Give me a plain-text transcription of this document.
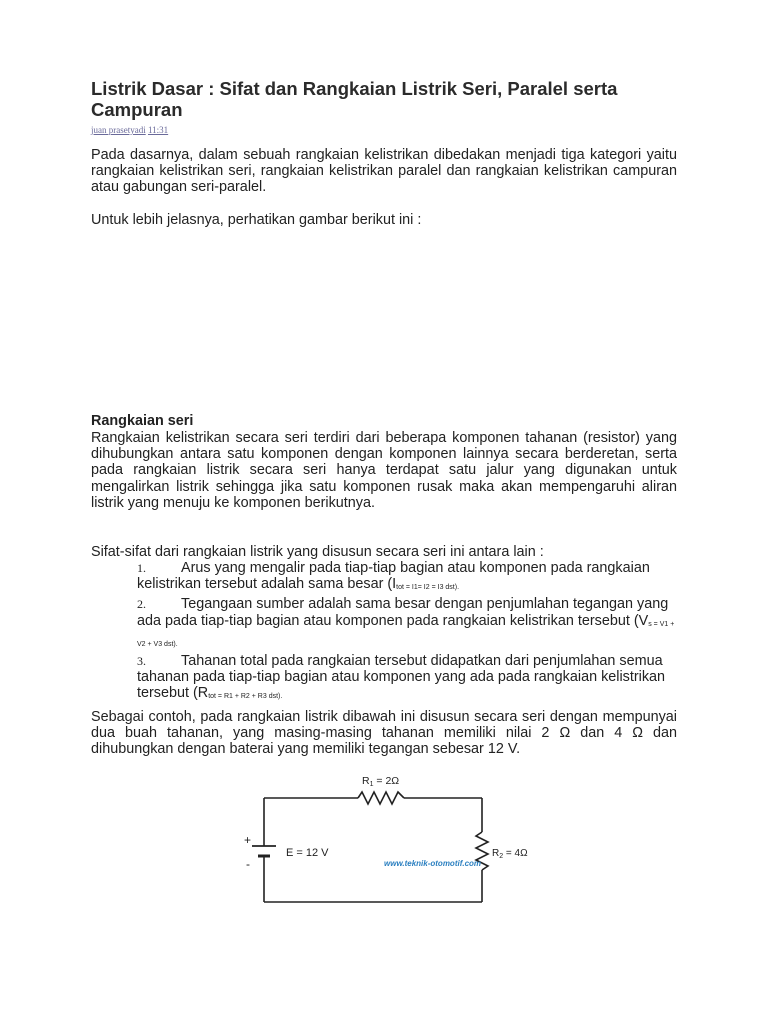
Listrik Dasar : Sifat dan Rangkaian Listrik Seri, Paralel serta Campuran
juan prasetyadi 11:31
Pada dasarnya, dalam sebuah rangkaian kelistrikan dibedakan menjadi tiga kategori yaitu rangkaian kelistrikan seri, rangkaian kelistrikan paralel dan rangkaian kelistrikan campuran atau gabungan seri-paralel.
Untuk lebih jelasnya, perhatikan gambar berikut ini :
Rangkaian seri
Rangkaian kelistrikan secara seri terdiri dari beberapa komponen tahanan (resistor) yang dihubungkan antara satu komponen dengan komponen lainnya secara berderetan, serta pada rangkaian listrik secara seri hanya terdapat satu jalur yang digunakan untuk mengalirkan listrik sehingga jika satu komponen rusak maka akan mempengaruhi aliran listrik yang menuju ke komponen berikutnya.
Sifat-sifat dari rangkaian listrik yang disusun secara seri ini antara lain :
1. Arus yang mengalir pada tiap-tiap bagian atau komponen pada rangkaian kelistrikan tersebut adalah sama besar ($I_{tot = I1= I2 = I3 dst).}$
2. Tegangaan sumber adalah sama besar dengan penjumlahan tegangan yang ada pada tiap-tiap bagian atau komponen pada rangkaian kelistrikan tersebut ($V_{s = V1 + V2 + V3 dst).}$
3. Tahanan total pada rangkaian tersebut didapatkan dari penjumlahan semua tahanan pada tiap-tiap bagian atau komponen yang ada pada rangkaian kelistrikan tersebut ($R_{tot = R1 + R2 + R3 dst).}$
Sebagai contoh, pada rangkaian listrik dibawah ini disusun secara seri dengan mempunyai dua buah tahanan, yang masing-masing tahanan memiliki nilai 2 Ω dan 4 Ω dan dihubungkan dengan baterai yang memiliki tegangan sebesar 12 V.
+
-
E = 12 V
R1 = 2Ω
$R_2 = 4\Omega$
www.teknik-otomotif.com
